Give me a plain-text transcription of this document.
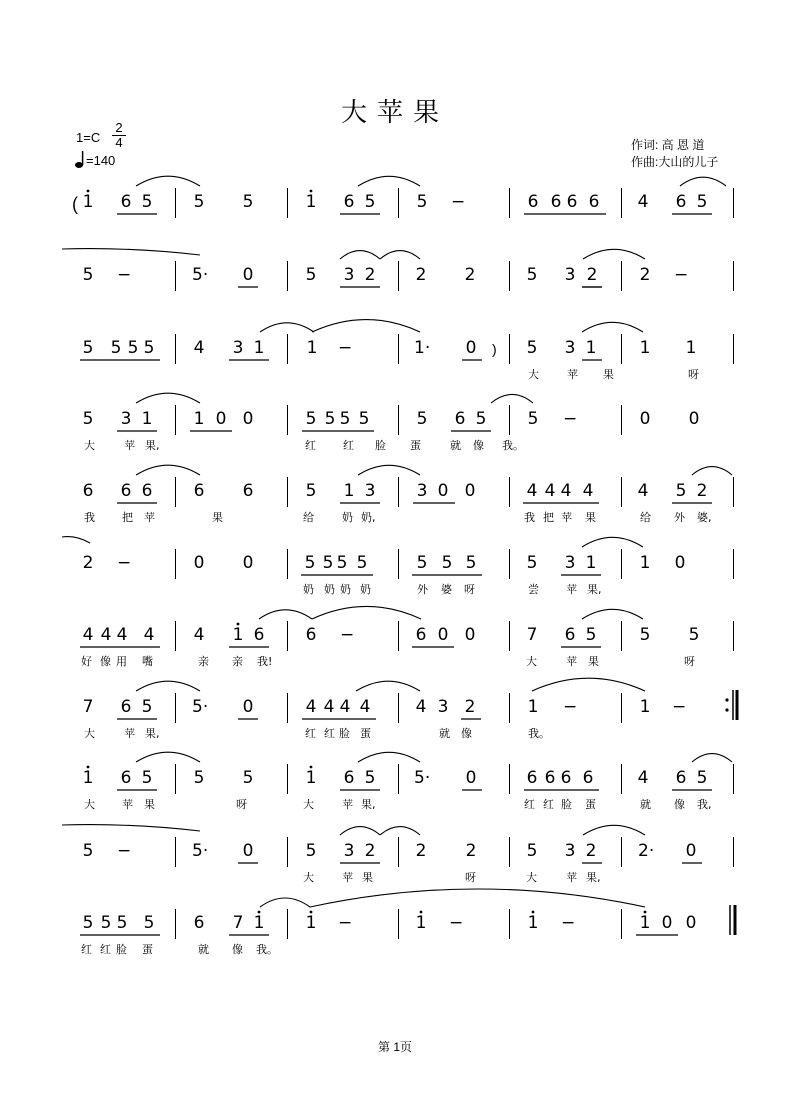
大苹果
1=C
2
4
=140
作词: 高 恩 道
作曲:大山的儿子
1 6 5 5 5	1 6 5 5 −	6 6 6 6 4 6 5
5 −	5· 0	5 3 2 2 2	5 3 2 2 −
5 5 5 5 4 3 1 1 −	1· 0	5 3 1	1 1
大	苹 果	呀
5 3 1 1 0 0	5 5 5 5	5 6 5 5 −	0 0
大	苹 果,	红 红 脸 蛋	就 像 我。
6 6 6 6 6	5 1 3 3 0 0	4 4 4 4	4 5 2
我 把 苹	果	给	奶 奶,	我 把 苹 果	给 外 婆,
2 −	0 0	5 5 5 5	5 5 5	5 3 1	1 0
奶 奶 奶 奶	外 婆 呀	尝 苹 果,
4 4 4 4 4 1 6 6 −	6 0 0	7 6 5	5 5
好 像 用 嘴	亲 亲 我!	大	苹 果	呀
7 6 5 5· 0	4 4 4 4	4 3 2	1 −	1 −
大	苹 果,	红 红 脸 蛋	就 像	我。
1 6 5 5 5	1 6 5 5· 0	6 6 6 6	4 6 5
大 苹 果	呀	大	苹 果,	红 红 脸 蛋	就 像 我,
5 −	5· 0	5 3 2 2 2	5 3 2 2· 0
大	苹 果	呀	大	苹 果,
5 5 5 5 6 7 1 1 −	1 −	1 −	1 0 0
红 红 脸 蛋	就 像 我。
(
)
第 1页
